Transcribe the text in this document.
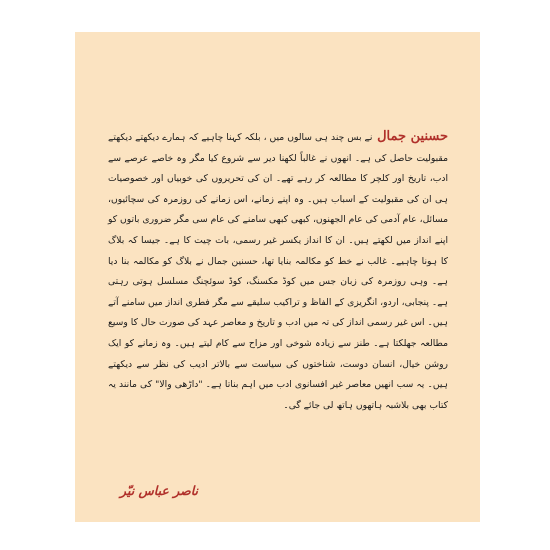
حسنین جمال نے بس چند ہی سالوں میں ، بلکہ کہنا چاہیے کہ ہمارے دیکھتے دیکھتے مقبولیت حاصل کی ہے۔ انھوں نے غالباً لکھنا دیر سے شروع کیا مگر وہ خاصے عرصے سے ادب، تاریخ اور کلچر کا مطالعہ کر رہے تھے۔ ان کی تحریروں کی خوبیاں اور خصوصیات ہی ان کی مقبولیت کے اسباب ہیں۔ وہ اپنے زمانے، اس زمانے کی روزمرہ کی سچائیوں، مسائل، عام آدمی کی عام الجھنوں، کبھی کبھی سامنے کی عام سی مگر ضروری باتوں کو اپنے انداز میں لکھتے ہیں۔ ان کا انداز یکسر غیر رسمی، بات چیت کا ہے۔ جیسا کہ بلاگ کا ہونا چاہیے۔ غالب نے خط کو مکالمہ بنایا تھا، حسنین جمال نے بلاگ کو مکالمہ بنا دیا ہے۔ وہی روزمرہ کی زبان جس میں کوڈ مکسنگ، کوڈ سوئچنگ مسلسل ہوتی رہتی ہے۔ پنجابی، اردو، انگریزی کے الفاظ و تراکیب سلیقے سے مگر فطری انداز میں سامنے آتے ہیں۔ اس غیر رسمی انداز کی تہ میں ادب و تاریخ و معاصر عہد کی صورت حال کا وسیع مطالعہ جھلکتا ہے۔ طنز سے زیادہ شوخی اور مزاح سے کام لیتے ہیں۔ وہ زمانے کو ایک روشن خیال، انسان دوست، شناختوں کی سیاست سے بالاتر ادیب کی نظر سے دیکھتے ہیں۔ یہ سب انھیں معاصر غیر افسانوی ادب میں اہم بناتا ہے۔ "داڑھی والا" کی مانند یہ کتاب بھی بلاشبہ ہاتھوں ہاتھ لی جائے گی۔
ناصر عباس نیّر
